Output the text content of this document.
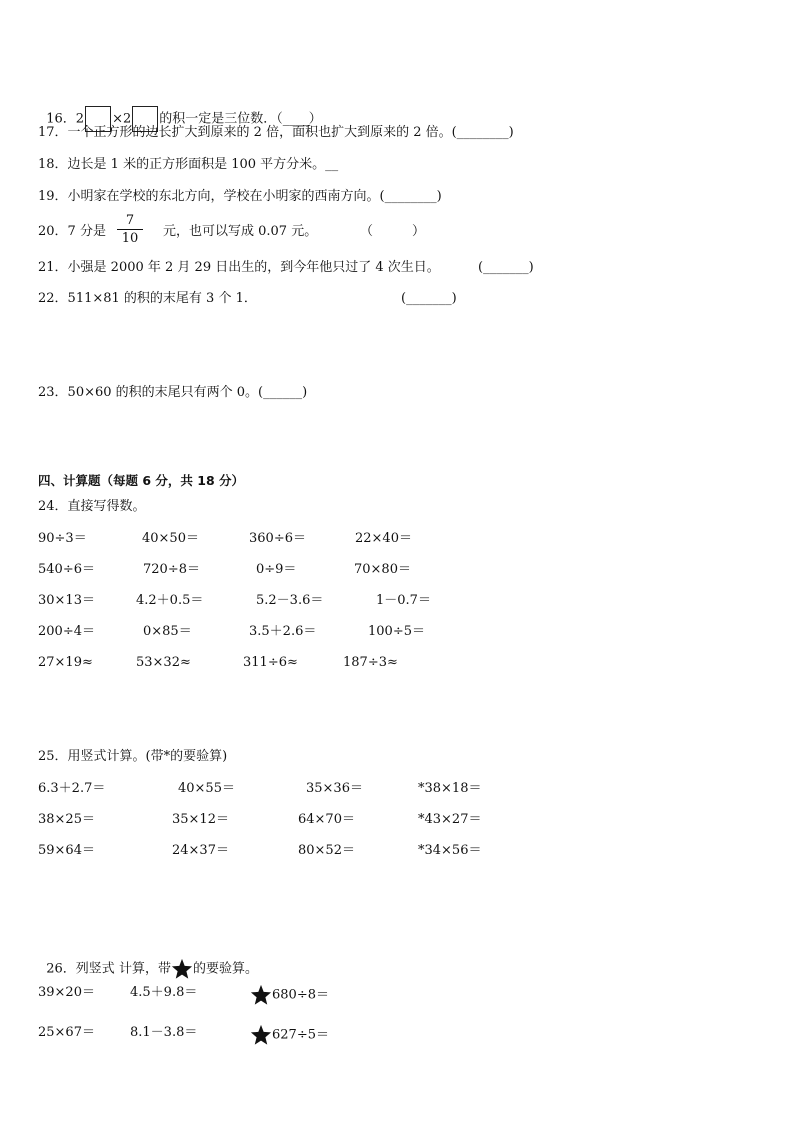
16．2 ×2 的积一定是三位数．（____）

17．一个正方形的边长扩大到原来的 2 倍，面积也扩大到原来的 2 倍。(________)
18．边长是 1 米的正方形面积是 100 平方分米。__
19．小明家在学校的东北方向，学校在小明家的西南方向。(________)
20．7 分是 $\frac{7}{10}$ 元，也可以写成 0.07 元。	（　　　）
21．小强是 2000 年 2 月 29 日出生的，到今年他只过了 4 次生日。	(_______)
22．511×81 的积的末尾有 3 个 1．	(_______)
23．50×60 的积的末尾只有两个 0。(______)
四、计算题（每题 6 分，共 18 分）
24．直接写得数。
90÷3＝	40×50＝	360÷6＝	22×40＝
540÷6＝	720÷8＝	0÷9＝	70×80＝
30×13＝	4.2＋0.5＝	5.2－3.6＝	1－0.7＝
200÷4＝	0×85＝	3.5＋2.6＝	100÷5＝
27×19≈	53×32≈	311÷6≈	187÷3≈
25．用竖式计算。(带*的要验算)
6.3＋2.7＝	40×55＝	35×36＝	*38×18＝
38×25＝	35×12＝	64×70＝	*43×27＝
59×64＝	24×37＝	80×52＝	*34×56＝

26．列竖式 计算，带 的要验算。

39×20＝	4.5＋9.8＝	680÷8＝
25×67＝	8.1－3.8＝	627÷5＝
